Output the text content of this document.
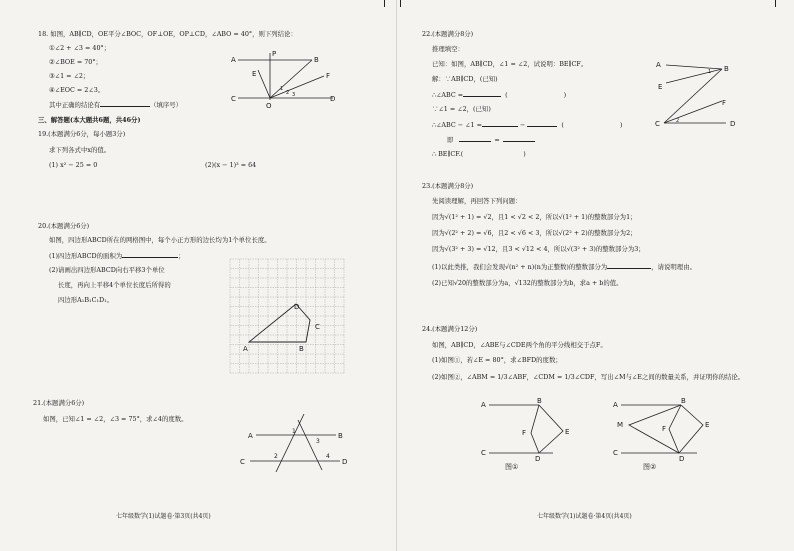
18. 如图，AB∥CD，OE平分∠BOC，OF⊥OE，OP⊥CD，∠ABO = 40°，则下列结论：
①∠2 + ∠3 = 40°；
②∠BOE = 70°；
③∠1 = ∠2；
④∠EOC = 2∠3。
其中正确的结论有	（填序号）
A	B
C	D
E	F
P
O
1
2 3
三、解答题(本大题共6题，共46分)
19.(本题满分6分，每小题3分)
求下列各式中x的值。
(1) x² − 25 = 0	(2)(x − 1)³ = 64
20.(本题满分6分)
如图，四边形ABCD所在的网格图中，每个小正方形的边长均为1个单位长度。
(1)四边形ABCD的面积为	；
(2)请画出四边形ABCD向右平移3个单位
长度，再向上平移4个单位长度后所得的
四边形A₁B₁C₁D₁。
D
C
B
A
21.(本题满分6分)
如图，已知∠1 = ∠2，∠3 = 75°，求∠4的度数。
A	B
C	D
1
2
3
4
七年级数学(1)试题卷·第3页(共4页)
22.(本题满分8分)
推理填空：
已知：如图，AB∥CD，∠1 = ∠2，试说明：BE∥CF。
解：∵AB∥CD，(已知)
∴∠ABC =	(	)
∵∠1 = ∠2，(已知)
∴∠ABC − ∠1 =	−	(	)
即	=
∴ BE∥CF.(	)
A	B
E
F
C	D
1
2
23.(本题满分8分)
先阅读理解，再回答下列问题：
因为√(1² + 1) = √2，且1 < √2 < 2，所以√(1² + 1)的整数部分为1；
因为√(2² + 2) = √6，且2 < √6 < 3，所以√(2² + 2)的整数部分为2；
因为√(3² + 3) = √12，且3 < √12 < 4，所以√(3² + 3)的整数部分为3；
(1)以此类推，我们会发现√(n² + n)(n为正整数)的整数部分为	，请说明理由。
(2)已知√20的整数部分为a，√132的整数部分为b，求a + b的值。
24.(本题满分12分)
如图，AB∥CD，∠ABE与∠CDE两个角的平分线相交于点F。
(1)如图①，若∠E = 80°，求∠BFD的度数；
(2)如图②，∠ABM = 1/3∠ABF，∠CDM = 1/3∠CDF，写出∠M与∠E之间的数量关系，并证明你的结论。
A	B
C
D
E
F
图①
A	B
C
D
E
F
M
图②
七年级数学(1)试题卷·第4页(共4页)
